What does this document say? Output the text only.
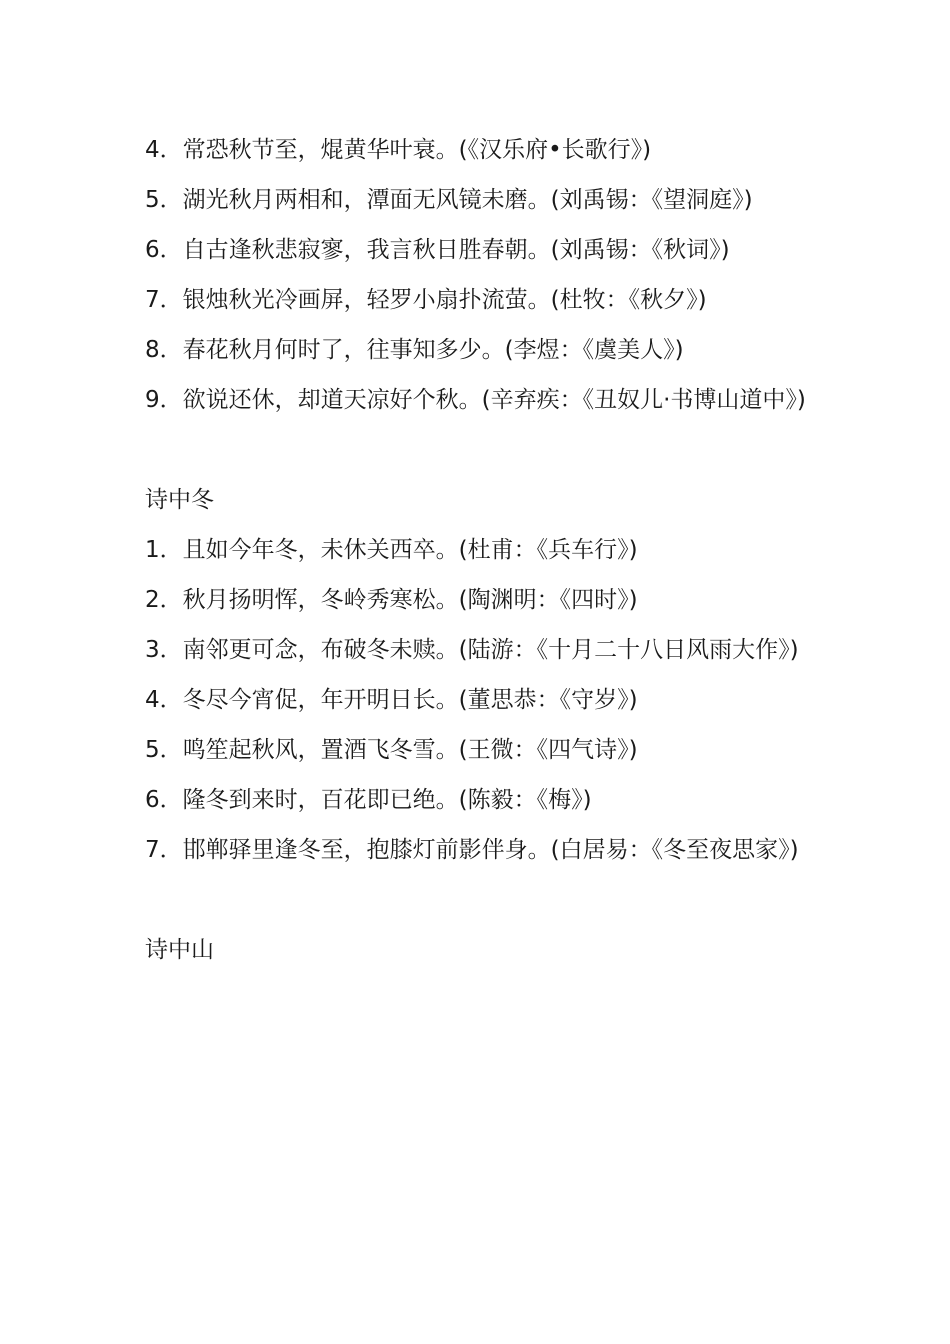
4．常恐秋节至，焜黄华叶衰。(《汉乐府•长歌行》)

5．湖光秋月两相和，潭面无风镜未磨。(刘禹锡：《望洞庭》)

6．自古逢秋悲寂寥，我言秋日胜春朝。(刘禹锡：《秋词》)

7．银烛秋光冷画屏，轻罗小扇扑流萤。(杜牧：《秋夕》)

8．春花秋月何时了，往事知多少。(李煜：《虞美人》)

9．欲说还休，却道天凉好个秋。(辛弃疾：《丑奴儿·书博山道中》)

诗中冬

1．且如今年冬，未休关西卒。(杜甫：《兵车行》)

2．秋月扬明恽，冬岭秀寒松。(陶渊明：《四时》)

3．南邻更可念，布破冬未赎。(陆游：《十月二十八日风雨大作》)

4．冬尽今宵促，年开明日长。(董思恭：《守岁》)

5．鸣笙起秋风，置酒飞冬雪。(王微：《四气诗》)

6．隆冬到来时，百花即已绝。(陈毅：《梅》)

7．邯郸驿里逢冬至，抱膝灯前影伴身。(白居易：《冬至夜思家》)

诗中山
